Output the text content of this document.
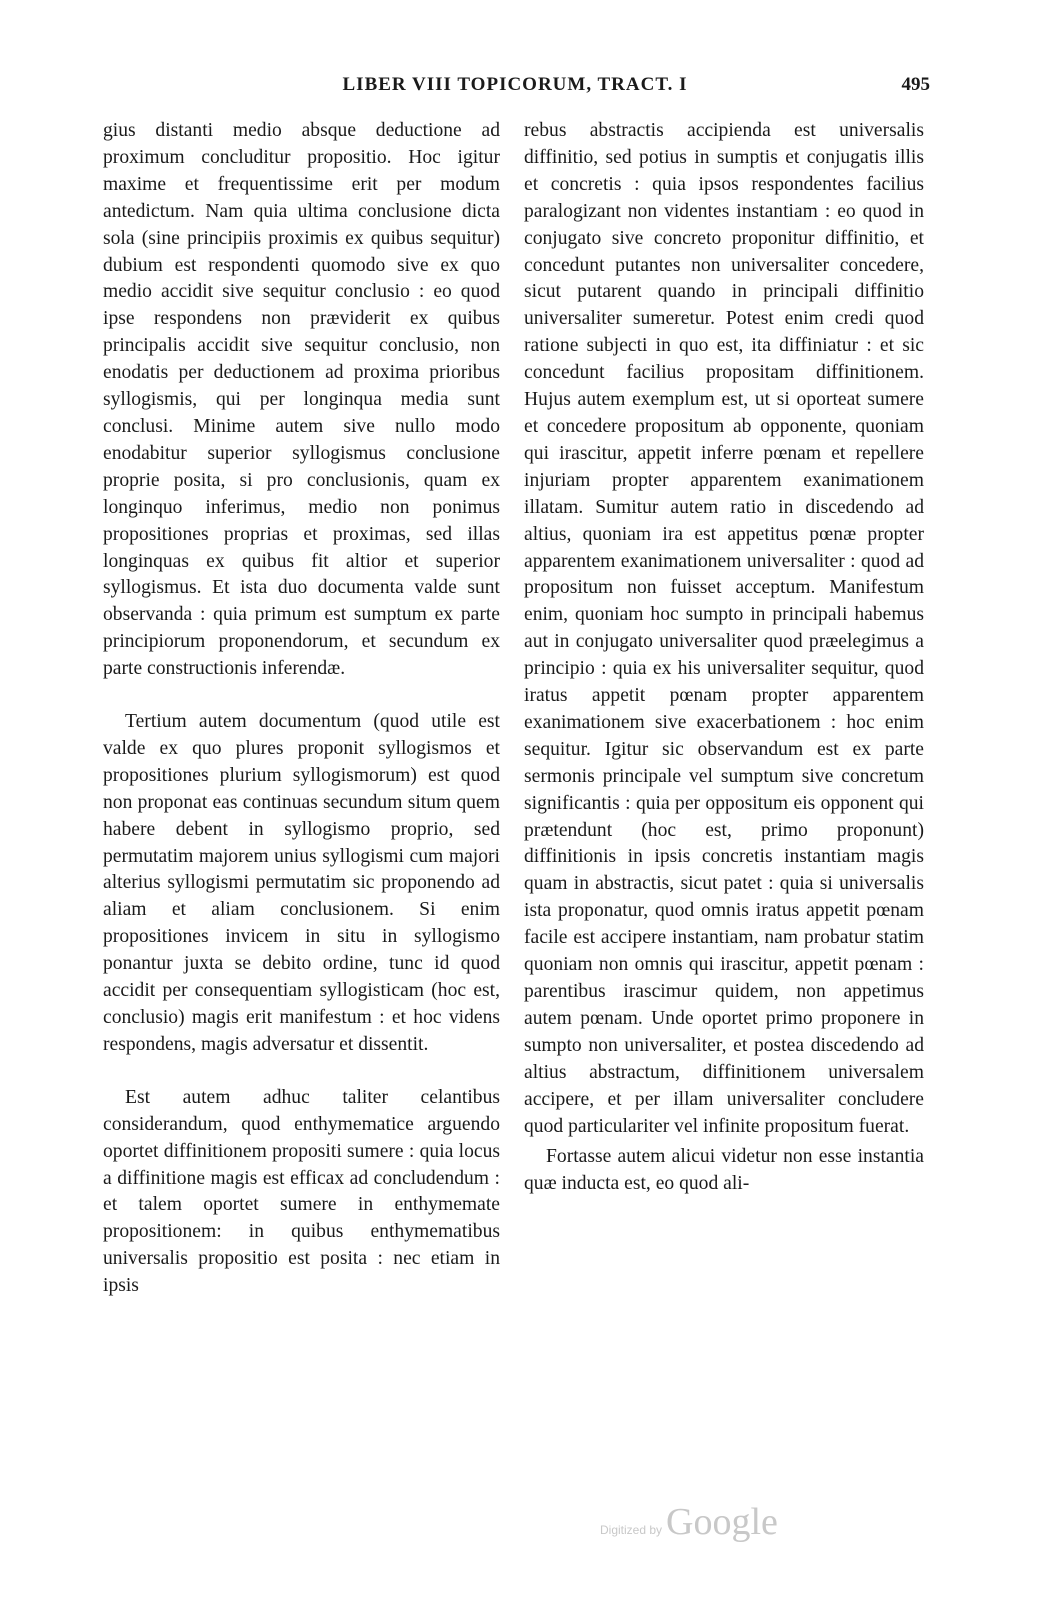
LIBER VIII TOPICORUM, TRACT. I	495

gius distanti medio absque deductione ad proximum concluditur propositio. Hoc igitur maxime et frequentissime erit per modum antedictum. Nam quia ultima conclusione dicta sola (sine principiis proximis ex quibus sequitur) dubium est respondenti quomodo sive ex quo medio accidit sive sequitur conclusio : eo quod ipse respondens non præviderit ex quibus principalis accidit sive sequitur conclusio, non enodatis per deductionem ad proxima prioribus syllogismis, qui per longinqua media sunt conclusi. Minime autem sive nullo modo enodabitur superior syllogismus conclusione proprie posita, si pro conclusionis, quam ex longinquo inferimus, medio non ponimus propositiones proprias et proximas, sed illas longinquas ex quibus fit altior et superior syllogismus. Et ista duo documenta valde sunt observanda : quia primum est sumptum ex parte principiorum proponendorum, et secundum ex parte constructionis inferendæ.

Tertium autem documentum (quod utile est valde ex quo plures proponit syllogismos et propositiones plurium syllogismorum) est quod non proponat eas continuas secundum situm quem habere debent in syllogismo proprio, sed permutatim majorem unius syllogismi cum majori alterius syllogismi permutatim sic proponendo ad aliam et aliam conclusionem. Si enim propositiones invicem in situ in syllogismo ponantur juxta se debito ordine, tunc id quod accidit per consequentiam syllogisticam (hoc est, conclusio) magis erit manifestum : et hoc videns respondens, magis adversatur et dissentit.

Est autem adhuc taliter celantibus considerandum, quod enthymematice arguendo oportet diffinitionem propositi sumere : quia locus a diffinitione magis est efficax ad concludendum : et talem oportet sumere in enthymemate propositionem: in quibus enthymematibus universalis propositio est posita : nec etiam in ipsis

rebus abstractis accipienda est universalis diffinitio, sed potius in sumptis et conjugatis illis et concretis : quia ipsos respondentes facilius paralogizant non videntes instantiam : eo quod in conjugato sive concreto proponitur diffinitio, et concedunt putantes non universaliter concedere, sicut putarent quando in principali diffinitio universaliter sumeretur. Potest enim credi quod ratione subjecti in quo est, ita diffiniatur : et sic concedunt facilius propositam diffinitionem. Hujus autem exemplum est, ut si oporteat sumere et concedere propositum ab opponente, quoniam qui irascitur, appetit inferre pœnam et repellere injuriam propter apparentem exanimationem illatam. Sumitur autem ratio in discedendo ad altius, quoniam ira est appetitus pœnæ propter apparentem exanimationem universaliter : quod ad propositum non fuisset acceptum. Manifestum enim, quoniam hoc sumpto in principali habemus aut in conjugato universaliter quod præelegimus a principio : quia ex his universaliter sequitur, quod iratus appetit pœnam propter apparentem exanimationem sive exacerbationem : hoc enim sequitur. Igitur sic observandum est ex parte sermonis principale vel sumptum sive concretum significantis : quia per oppositum eis opponent qui prætendunt (hoc est, primo proponunt) diffinitionis in ipsis concretis instantiam magis quam in abstractis, sicut patet : quia si universalis ista proponatur, quod omnis iratus appetit pœnam facile est accipere instantiam, nam probatur statim quoniam non omnis qui irascitur, appetit pœnam : parentibus irascimur quidem, non appetimus autem pœnam. Unde oportet primo proponere in sumpto non universaliter, et postea discedendo ad altius abstractum, diffinitionem universalem accipere, et per illam universaliter concludere quod particulariter vel infinite propositum fuerat.

Fortasse autem alicui videtur non esse instantia quæ inducta est, eo quod ali-

Digitized by Google
